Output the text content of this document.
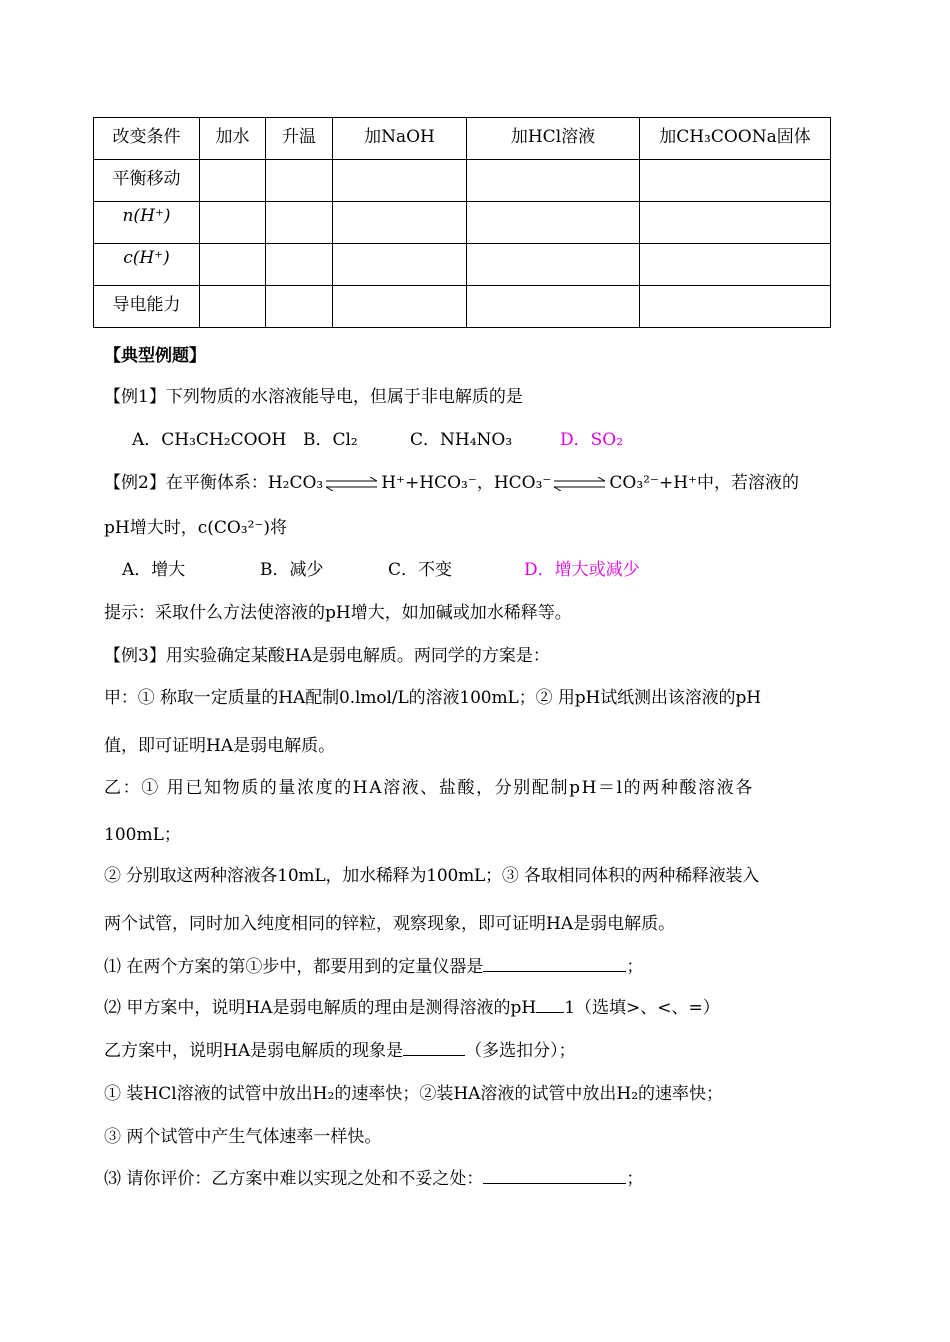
改变条件	加水	升温	加NaOH	加HCl溶液	加CH₃COONa固体
平衡移动					
n(H⁺)					
c(H⁺)					
导电能力					
【典型例题】
【例1】下列物质的水溶液能导电，但属于非电解质的是
A．CH₃CH₂COOH B．Cl₂	C．NH₄NO₃	D．SO₂
【例2】在平衡体系：H₂CO₃ ⇌ H⁺+HCO₃⁻，HCO₃⁻ ⇌ CO₃²⁻+H⁺中，若溶液的
pH增大时，c(CO₃²⁻)将
A．增大	B．减少	C．不变	D．增大或减少
提示：采取什么方法使溶液的pH增大，如加碱或加水稀释等。
【例3】用实验确定某酸HA是弱电解质。两同学的方案是：
甲：① 称取一定质量的HA配制0.lmol/L的溶液100mL；② 用pH试纸测出该溶液的pH
值，即可证明HA是弱电解质。
乙：① 用已知物质的量浓度的HA溶液、盐酸，分别配制pH＝l的两种酸溶液各
100mL；
② 分别取这两种溶液各10mL，加水稀释为100mL；③ 各取相同体积的两种稀释液装入
两个试管，同时加入纯度相同的锌粒，观察现象，即可证明HA是弱电解质。
⑴ 在两个方案的第①步中，都要用到的定量仪器是	；
⑵ 甲方案中，说明HA是弱电解质的理由是测得溶液的pH 1（选填>、<、=）
乙方案中，说明HA是弱电解质的现象是	（多选扣分）；
① 装HCl溶液的试管中放出H₂的速率快；②装HA溶液的试管中放出H₂的速率快；
③ 两个试管中产生气体速率一样快。
⑶ 请你评价：乙方案中难以实现之处和不妥之处：	；
